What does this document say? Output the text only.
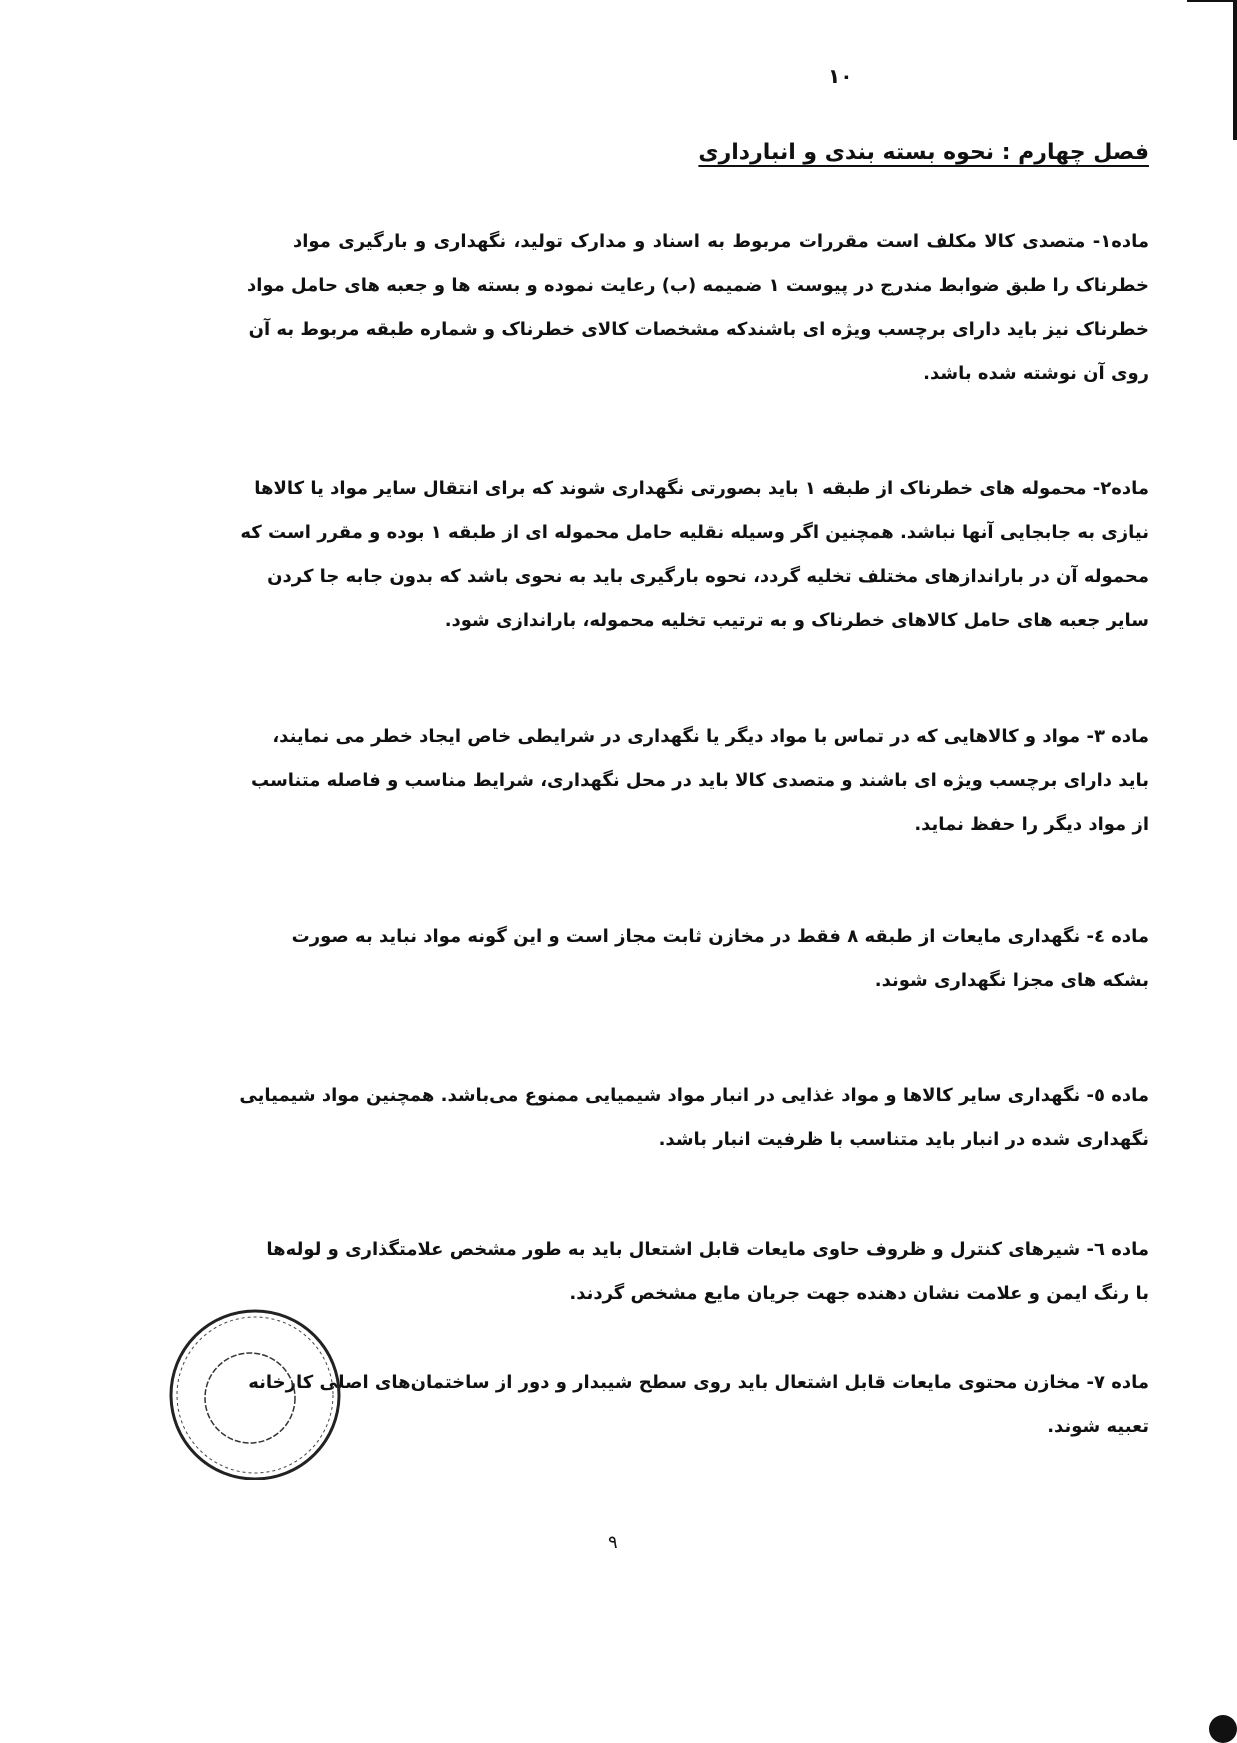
۱۰
فصل چهارم : نحوه بسته بندی و انبارداری
ماده۱- متصدی کالا مکلف است مقررات مربوط به اسناد و مدارک تولید، نگهداری و بارگیری مواد
خطرناک را طبق ضوابط مندرج در پیوست ۱ ضمیمه (ب) رعایت نموده و بسته ها و جعبه های حامل مواد
خطرناک نیز باید دارای برچسب ویژه ای باشندکه مشخصات کالای خطرناک و شماره طبقه مربوط به آن
روی آن نوشته شده باشد.
ماده۲- محموله های خطرناک از طبقه ۱ باید بصورتی نگهداری شوند که برای انتقال سایر مواد یا کالاها
نیازی به جابجایی آنها نباشد. همچنین اگر وسیله نقلیه حامل محموله ای از طبقه ۱ بوده و مقرر است که
محموله آن در باراندازهای مختلف تخلیه گردد، نحوه بارگیری باید به نحوی باشد که بدون جابه جا کردن
سایر جعبه های حامل کالاهای خطرناک و به ترتیب تخلیه محموله، باراندازی شود.
ماده ۳- مواد و کالاهایی که در تماس با مواد دیگر یا نگهداری در شرایطی خاص ایجاد خطر می نمایند،
باید دارای برچسب ویژه ای باشند و متصدی کالا باید در محل نگهداری، شرایط مناسب و فاصله متناسب
از مواد دیگر را حفظ نماید.
ماده ٤- نگهداری مایعات از طبقه ۸ فقط در مخازن ثابت مجاز است و این گونه مواد نباید به صورت
بشکه های مجزا نگهداری شوند.
ماده ٥- نگهداری سایر کالاها و مواد غذایی در انبار مواد شیمیایی ممنوع می‌باشد. همچنین مواد شیمیایی
نگهداری شده در انبار باید متناسب با ظرفیت انبار باشد.
ماده ٦- شیرهای کنترل و ظروف حاوی مایعات قابل اشتعال باید به طور مشخص علامتگذاری و لوله‌ها
با رنگ ایمن و علامت نشان دهنده جهت جریان مایع مشخص گردند.
ماده ۷- مخازن محتوی مایعات قابل اشتعال باید روی سطح شیبدار و دور از ساختمان‌های اصلی کارخانه
تعبیه شوند.
۹
